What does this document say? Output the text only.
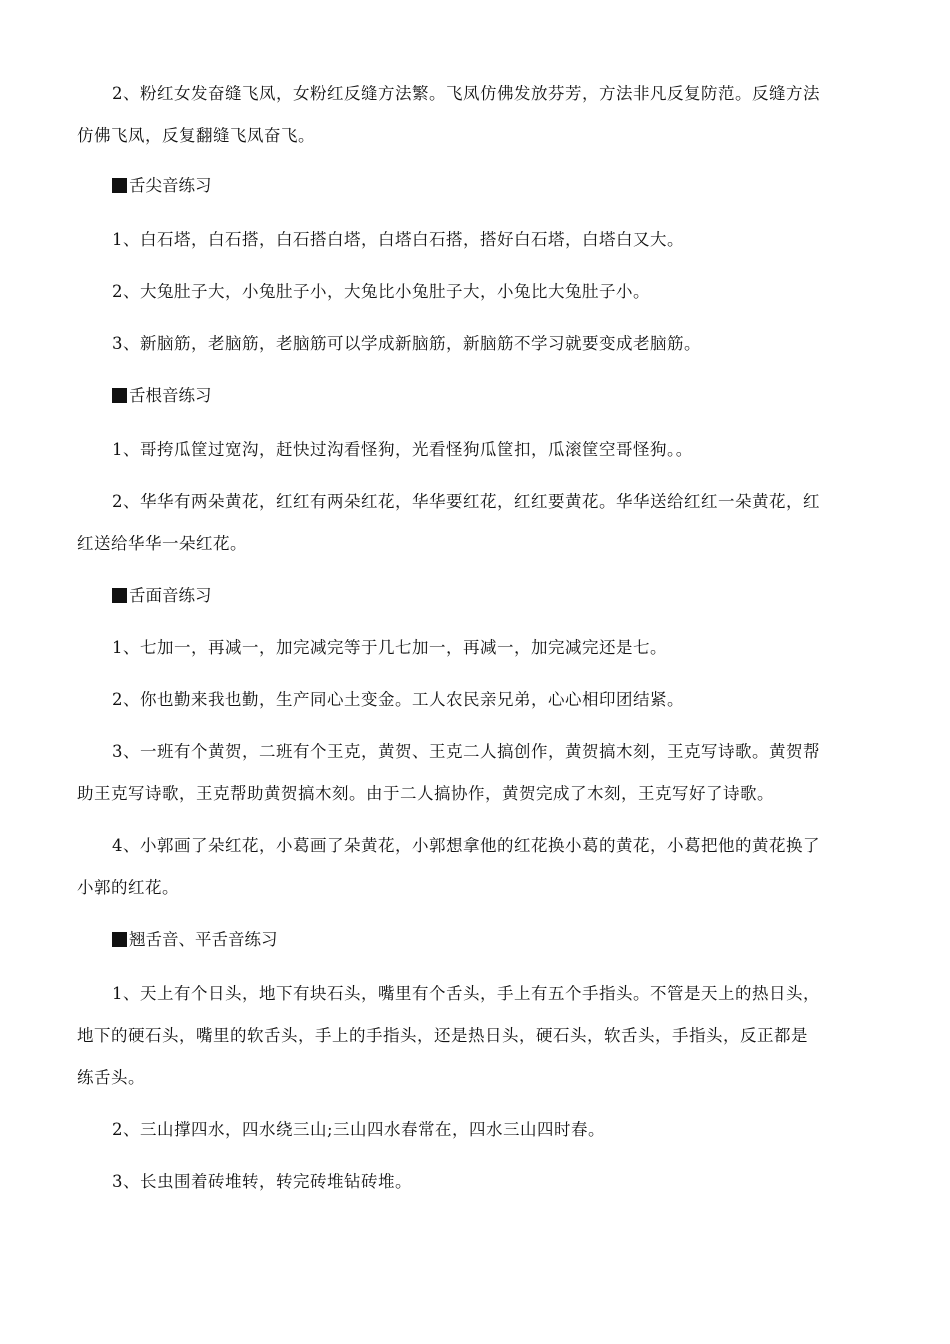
2、粉红女发奋缝飞凤，女粉红反缝方法繁。飞凤仿佛发放芬芳，方法非凡反复防范。反缝方法

仿佛飞凤，反复翻缝飞凤奋飞。

舌尖音练习

1、白石塔，白石搭，白石搭白塔，白塔白石搭，搭好白石塔，白塔白又大。

2、大兔肚子大，小兔肚子小，大兔比小兔肚子大，小兔比大兔肚子小。

3、新脑筋，老脑筋，老脑筋可以学成新脑筋，新脑筋不学习就要变成老脑筋。

舌根音练习

1、哥挎瓜筐过宽沟，赶快过沟看怪狗，光看怪狗瓜筐扣，瓜滚筐空哥怪狗。。

2、华华有两朵黄花，红红有两朵红花，华华要红花，红红要黄花。华华送给红红一朵黄花，红

红送给华华一朵红花。

舌面音练习

1、七加一，再减一，加完减完等于几七加一，再减一，加完减完还是七。

2、你也勤来我也勤，生产同心土变金。工人农民亲兄弟，心心相印团结紧。

3、一班有个黄贺，二班有个王克，黄贺、王克二人搞创作，黄贺搞木刻，王克写诗歌。黄贺帮

助王克写诗歌，王克帮助黄贺搞木刻。由于二人搞协作，黄贺完成了木刻，王克写好了诗歌。

4、小郭画了朵红花，小葛画了朵黄花，小郭想拿他的红花换小葛的黄花，小葛把他的黄花换了

小郭的红花。

翘舌音、平舌音练习

1、天上有个日头，地下有块石头，嘴里有个舌头，手上有五个手指头。不管是天上的热日头，

地下的硬石头，嘴里的软舌头，手上的手指头，还是热日头，硬石头，软舌头，手指头，反正都是

练舌头。

2、三山撑四水，四水绕三山;三山四水春常在，四水三山四时春。

3、长虫围着砖堆转，转完砖堆钻砖堆。
